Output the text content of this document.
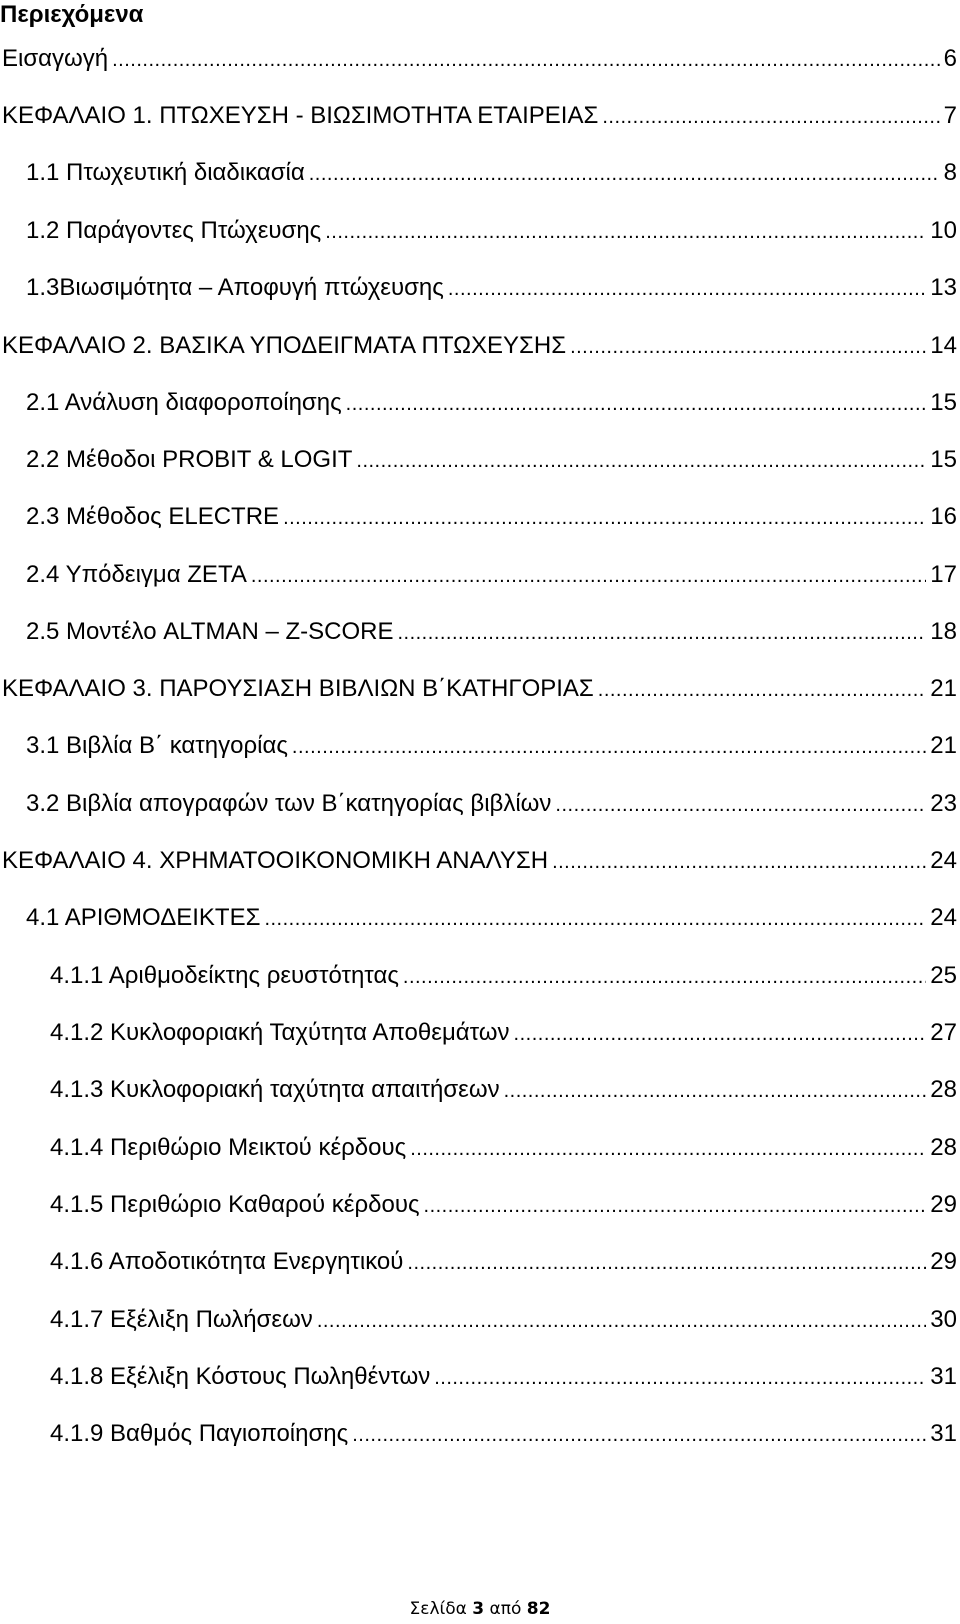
Περιεχόμενα
Εισαγωγή .....	6
ΚΕΦΑΛΑΙΟ 1. ΠΤΩΧΕΥΣΗ - ΒΙΩΣΙΜΟΤΗΤΑ ΕΤΑΙΡΕΙΑΣ .....	7
1.1 Πτωχευτική διαδικασία .....	8
1.2 Παράγοντες Πτώχευσης .....	10
1.3Βιωσιμότητα – Αποφυγή πτώχευσης .....	13
ΚΕΦΑΛΑΙΟ 2. ΒΑΣΙΚΑ ΥΠΟΔΕΙΓΜΑΤΑ ΠΤΩΧΕΥΣΗΣ .....	14
2.1 Ανάλυση διαφοροποίησης .....	15
2.2 Μέθοδοι PROBIT & LOGIT .....	15
2.3 Μέθοδος ELECTRE .....	16
2.4 Υπόδειγμα ZETA .....	17
2.5 Μοντέλο ALTMAN – Z-SCORE .....	18
ΚΕΦΑΛΑΙΟ 3. ΠΑΡΟΥΣΙΑΣΗ ΒΙΒΛΙΩΝ Β΄ΚΑΤΗΓΟΡΙΑΣ .....	21
3.1 Βιβλία Β΄ κατηγορίας .....	21
3.2 Βιβλία απογραφών των Β΄κατηγορίας βιβλίων .....	23
ΚΕΦΑΛΑΙΟ 4. ΧΡΗΜΑΤΟΟΙΚΟΝΟΜΙΚΗ ΑΝΑΛΥΣΗ .....	24
4.1 ΑΡΙΘΜΟΔΕΙΚΤΕΣ .....	24
4.1.1 Αριθμοδείκτης ρευστότητας .....	25
4.1.2 Κυκλοφοριακή Ταχύτητα Αποθεμάτων .....	27
4.1.3 Κυκλοφοριακή ταχύτητα απαιτήσεων .....	28
4.1.4 Περιθώριο Μεικτού κέρδους .....	28
4.1.5 Περιθώριο Καθαρού κέρδους .....	29
4.1.6 Αποδοτικότητα Ενεργητικού .....	29
4.1.7 Εξέλιξη Πωλήσεων .....	30
4.1.8 Εξέλιξη Κόστους Πωληθέντων .....	31
4.1.9 Βαθμός Παγιοποίησης .....	31
Σελίδα 3 από 82
